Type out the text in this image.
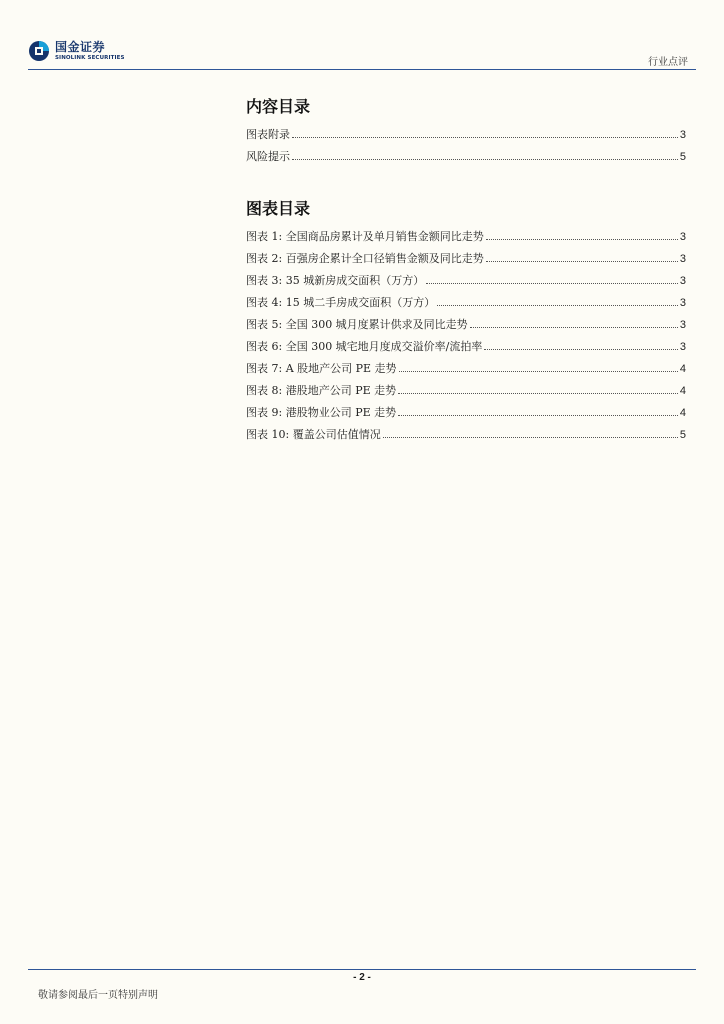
国金证券
SINOLINK SECURITIES	行业点评
内容目录
图表附录	3
风险提示	5
图表目录
图表 1: 全国商品房累计及单月销售金额同比走势	3
图表 2: 百强房企累计全口径销售金额及同比走势	3
图表 3: 35 城新房成交面积（万方）	3
图表 4: 15 城二手房成交面积（万方）	3
图表 5: 全国 300 城月度累计供求及同比走势	3
图表 6: 全国 300 城宅地月度成交溢价率/流拍率	3
图表 7: A 股地产公司 PE 走势	4
图表 8: 港股地产公司 PE 走势	4
图表 9: 港股物业公司 PE 走势	4
图表 10: 覆盖公司估值情况	5
- 2 -
敬请参阅最后一页特别声明
